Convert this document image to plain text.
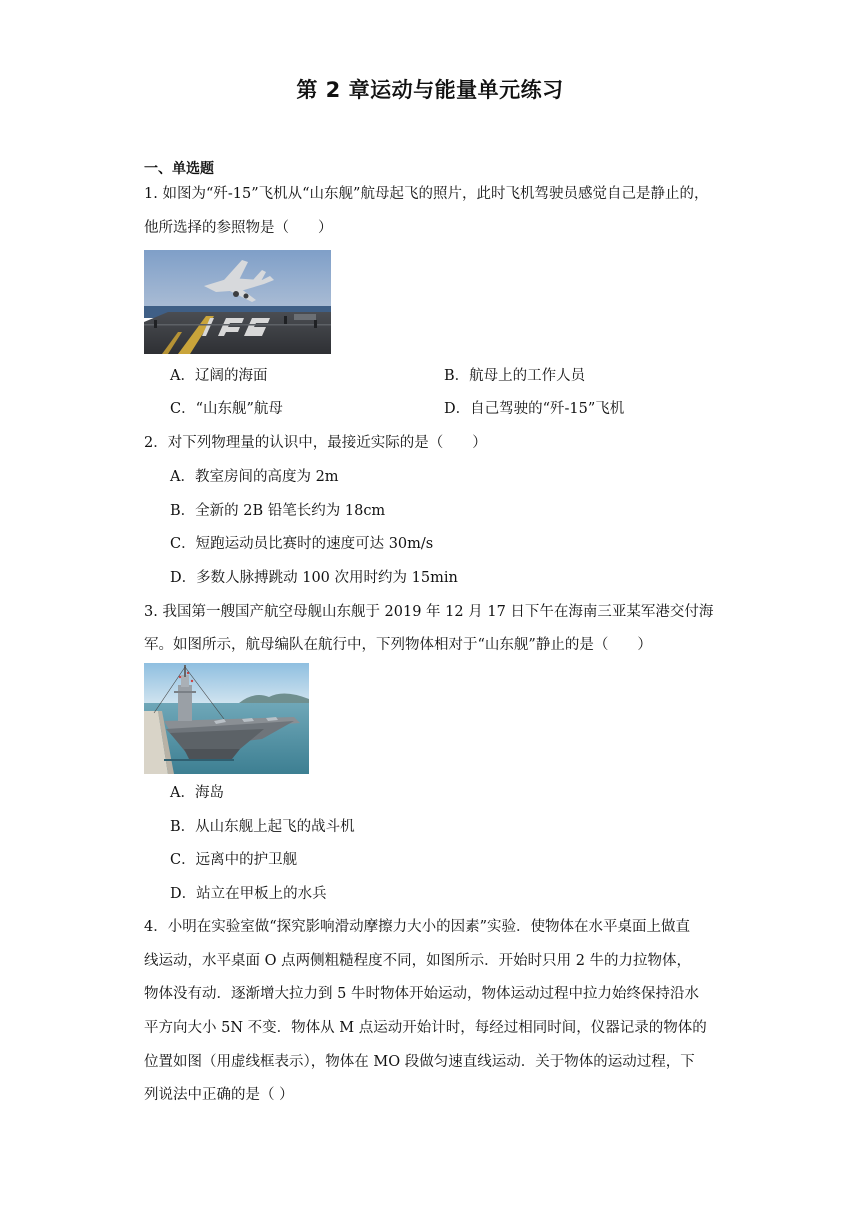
第 2 章运动与能量单元练习
一、单选题
1. 如图为“歼-15”飞机从“山东舰”航母起飞的照片，此时飞机驾驶员感觉自己是静止的，
他所选择的参照物是（　　）
A．辽阔的海面	B．航母上的工作人员
C．“山东舰”航母	D．自己驾驶的“歼-15”飞机
2．对下列物理量的认识中，最接近实际的是（　　）
A．教室房间的高度为 2m
B．全新的 2B 铅笔长约为 18cm
C．短跑运动员比赛时的速度可达 30m/s
D．多数人脉搏跳动 100 次用时约为 15min
3. 我国第一艘国产航空母舰山东舰于 2019 年 12 月 17 日下午在海南三亚某军港交付海
军。如图所示，航母编队在航行中，下列物体相对于“山东舰”静止的是（　　）
A．海岛
B．从山东舰上起飞的战斗机
C．远离中的护卫舰
D．站立在甲板上的水兵
4．小明在实验室做“探究影响滑动摩擦力大小的因素”实验．使物体在水平桌面上做直
线运动，水平桌面 O 点两侧粗糙程度不同，如图所示．开始时只用 2 牛的力拉物体，
物体没有动．逐渐增大拉力到 5 牛时物体开始运动，物体运动过程中拉力始终保持沿水
平方向大小 5N 不变．物体从 M 点运动开始计时，每经过相同时间，仪器记录的物体的
位置如图（用虚线框表示），物体在 MO 段做匀速直线运动．关于物体的运动过程，下
列说法中正确的是（ ）
